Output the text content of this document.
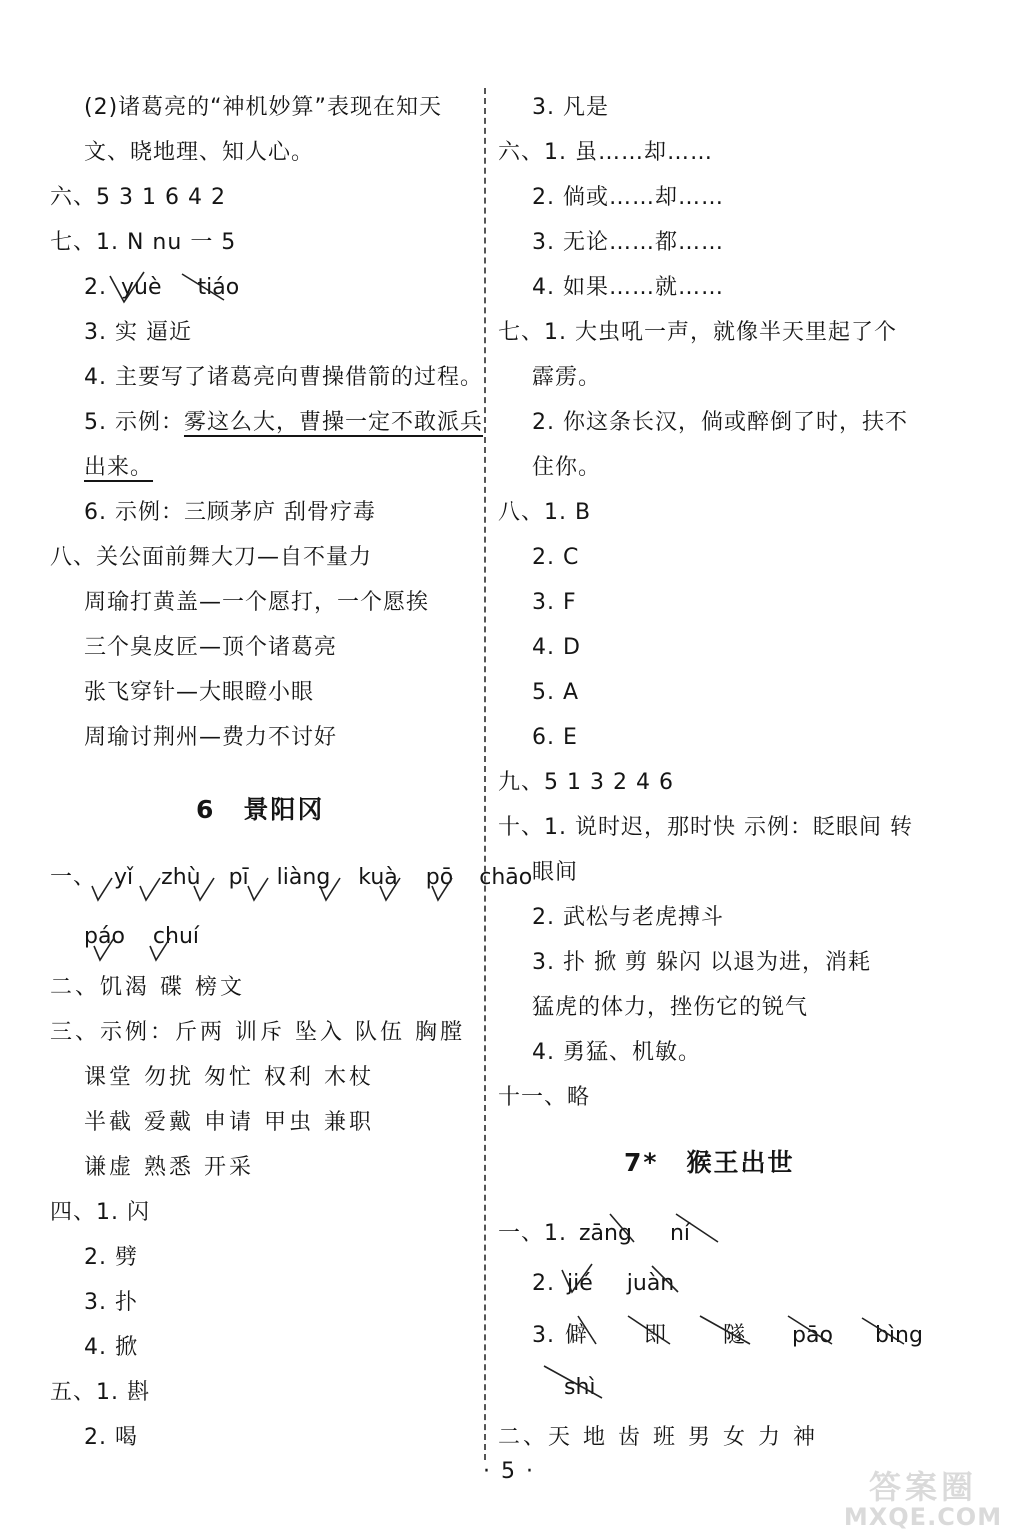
(2)诸葛亮的“神机妙算”表现在知天
文、晓地理、知人心。
六、5 3 1 6 4 2
七、1. N nu 一 5
2. yuè tiáo
3. 实 逼近
4. 主要写了诸葛亮向曹操借箭的过程。
5. 示例：雾这么大，曹操一定不敢派兵
出来。
6. 示例：三顾茅庐 刮骨疗毒
八、关公面前舞大刀—自不量力
周瑜打黄盖—一个愿打，一个愿挨
三个臭皮匠—顶个诸葛亮
张飞穿针—大眼瞪小眼
周瑜讨荆州—费力不讨好
6 景阳冈
一、 yǐ zhù pī liàng kuà pō chāo
páo chuí
二、饥渴 碟 榜文
三、示例：斤两 训斥 坠入 队伍 胸膛
课堂 勿扰 匆忙 权利 木杖
半截 爱戴 申请 甲虫 兼职
谦虚 熟悉 开采
四、1. 闪
2. 劈
3. 扑
4. 掀
五、1. 斟
2. 喝
3. 凡是
六、1. 虽……却……
2. 倘或……却……
3. 无论……都……
4. 如果……就……
七、1. 大虫吼一声，就像半天里起了个
霹雳。
2. 你这条长汉，倘或醉倒了时，扶不
住你。
八、1. B
2. C
3. F
4. D
5. A
6. E
九、5 1 3 2 4 6
十、1. 说时迟，那时快 示例：眨眼间 转
眼间
2. 武松与老虎搏斗
3. 扑 掀 剪 躲闪 以退为进，消耗
猛虎的体力，挫伤它的锐气
4. 勇猛、机敏。
十一、略
7* 猴王出世
一、1. zāng ní
2. jié juàn
3. 僻	即	隧 pāo bìng
shì
二、天 地 齿 班 男 女 力 神
· 5 ·	答案圈
MXQE.COM
